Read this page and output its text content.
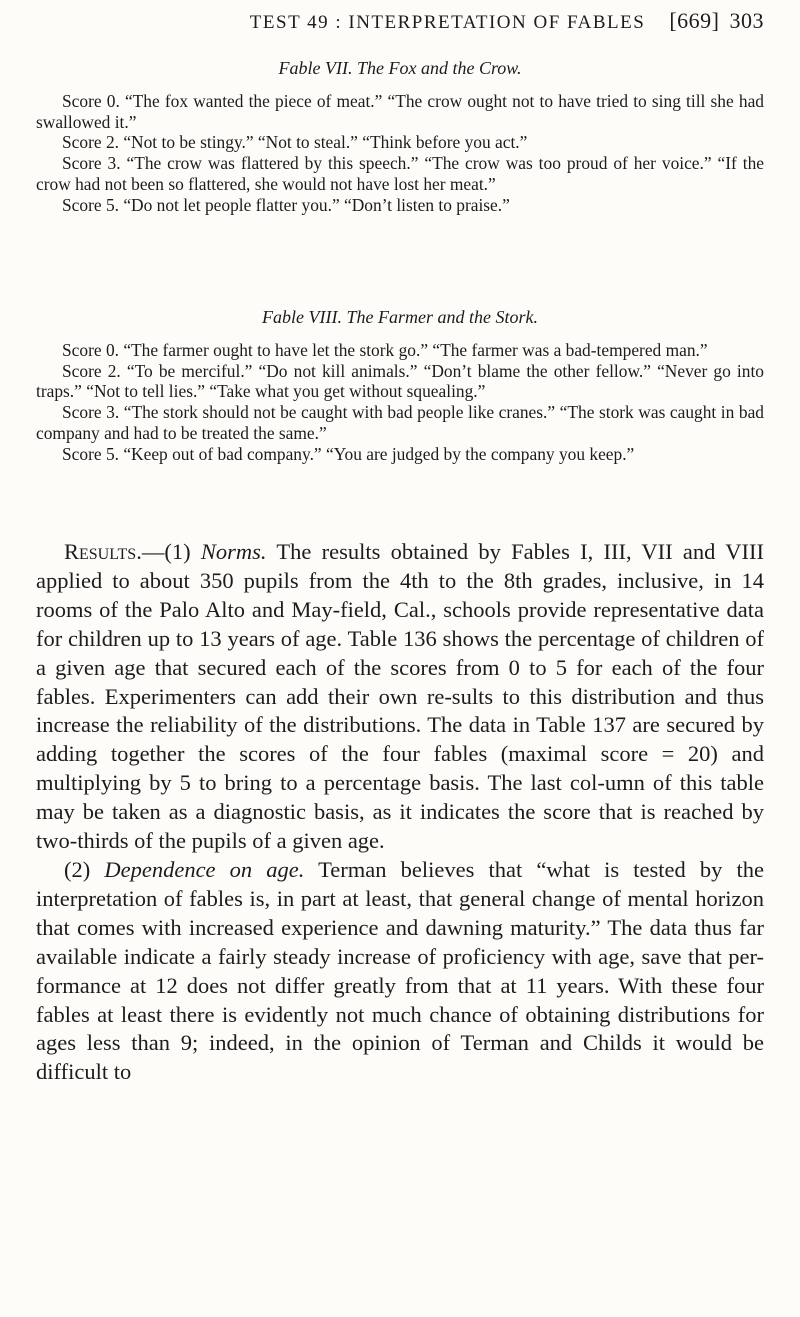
TEST 49 : INTERPRETATION OF FABLES [669] 303

Fable VII. The Fox and the Crow.

Score 0. “The fox wanted the piece of meat.” “The crow ought not to have tried to sing till she had swallowed it.”

Score 2. “Not to be stingy.” “Not to steal.” “Think before you act.”

Score 3. “The crow was flattered by this speech.” “The crow was too proud of her voice.” “If the crow had not been so flattered, she would not have lost her meat.”

Score 5. “Do not let people flatter you.” “Don’t listen to praise.”

Fable VIII. The Farmer and the Stork.

Score 0. “The farmer ought to have let the stork go.” “The farmer was a bad-tempered man.”

Score 2. “To be merciful.” “Do not kill animals.” “Don’t blame the other fellow.” “Never go into traps.” “Not to tell lies.” “Take what you get without squealing.”

Score 3. “The stork should not be caught with bad people like cranes.” “The stork was caught in bad company and had to be treated the same.”

Score 5. “Keep out of bad company.” “You are judged by the company you keep.”

Results.—(1) Norms. The results obtained by Fables I, III, VII and VIII applied to about 350 pupils from the 4th to the 8th grades, inclusive, in 14 rooms of the Palo Alto and May-field, Cal., schools provide representative data for children up to 13 years of age. Table 136 shows the percentage of children of a given age that secured each of the scores from 0 to 5 for each of the four fables. Experimenters can add their own re-sults to this distribution and thus increase the reliability of the distributions. The data in Table 137 are secured by adding together the scores of the four fables (maximal score = 20) and multiplying by 5 to bring to a percentage basis. The last col-umn of this table may be taken as a diagnostic basis, as it indicates the score that is reached by two-thirds of the pupils of a given age.

(2) Dependence on age. Terman believes that “what is tested by the interpretation of fables is, in part at least, that general change of mental horizon that comes with increased experience and dawning maturity.” The data thus far available indicate a fairly steady increase of proficiency with age, save that per-formance at 12 does not differ greatly from that at 11 years. With these four fables at least there is evidently not much chance of obtaining distributions for ages less than 9; indeed, in the opinion of Terman and Childs it would be difficult to
